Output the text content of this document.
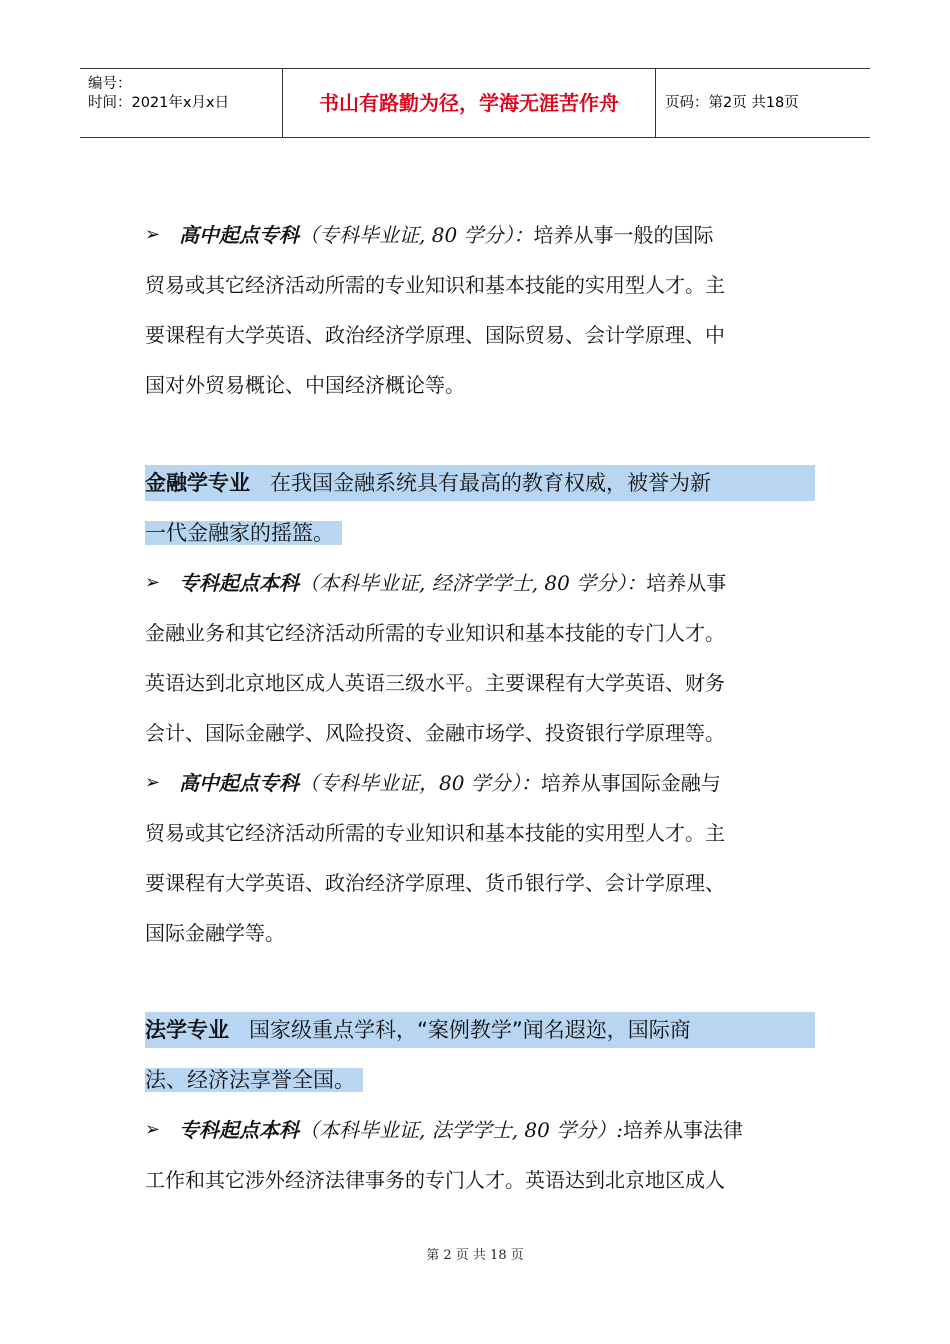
编号：
时间：2021年x月x日	书山有路勤为径，学海无涯苦作舟	页码：第2页 共18页
➢ 高中起点专科（专科毕业证, 80 学分）：培养从事一般的国际
贸易或其它经济活动所需的专业知识和基本技能的实用型人才。主
要课程有大学英语、政治经济学原理、国际贸易、会计学原理、中
国对外贸易概论、中国经济概论等。
金融学专业 在我国金融系统具有最高的教育权威，被誉为新
一代金融家的摇篮。
➢ 专科起点本科（本科毕业证, 经济学学士, 80 学分）：培养从事
金融业务和其它经济活动所需的专业知识和基本技能的专门人才。
英语达到北京地区成人英语三级水平。主要课程有大学英语、财务
会计、国际金融学、风险投资、金融市场学、投资银行学原理等。
➢ 高中起点专科（专科毕业证，80 学分）：培养从事国际金融与
贸易或其它经济活动所需的专业知识和基本技能的实用型人才。主
要课程有大学英语、政治经济学原理、货币银行学、会计学原理、
国际金融学等。
法学专业 国家级重点学科，“案例教学”闻名遐迩，国际商
法、经济法享誉全国。
➢ 专科起点本科（本科毕业证, 法学学士, 80 学分）:培养从事法律
工作和其它涉外经济法律事务的专门人才。英语达到北京地区成人
第 2 页 共 18 页
